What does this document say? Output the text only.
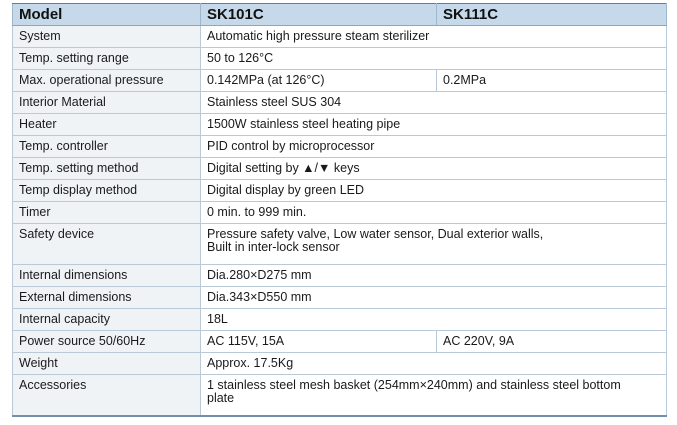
Model	SK101C	SK111C
System	Automatic high pressure steam sterilizer	
Temp. setting range	50 to 126°C	
Max. operational pressure	0.142MPa (at 126°C)	0.2MPa
Interior Material	Stainless steel SUS 304	
Heater	1500W stainless steel heating pipe	
Temp. controller	PID control by microprocessor	
Temp. setting method	Digital setting by ▲/▼ keys	
Temp display method	Digital display by green LED	
Timer	0 min. to 999 min.	
Safety device	Pressure safety valve, Low water sensor, Dual exterior walls,
Built in inter-lock sensor	

Internal dimensions	Dia.280×D275 mm	
External dimensions	Dia.343×D550 mm	
Internal capacity	18L	
Power source 50/60Hz	AC 115V, 15A	AC 220V, 9A
Weight	Approx. 17.5Kg	
Accessories	1 stainless steel mesh basket (254mm×240mm) and stainless steel bottom
plate	
